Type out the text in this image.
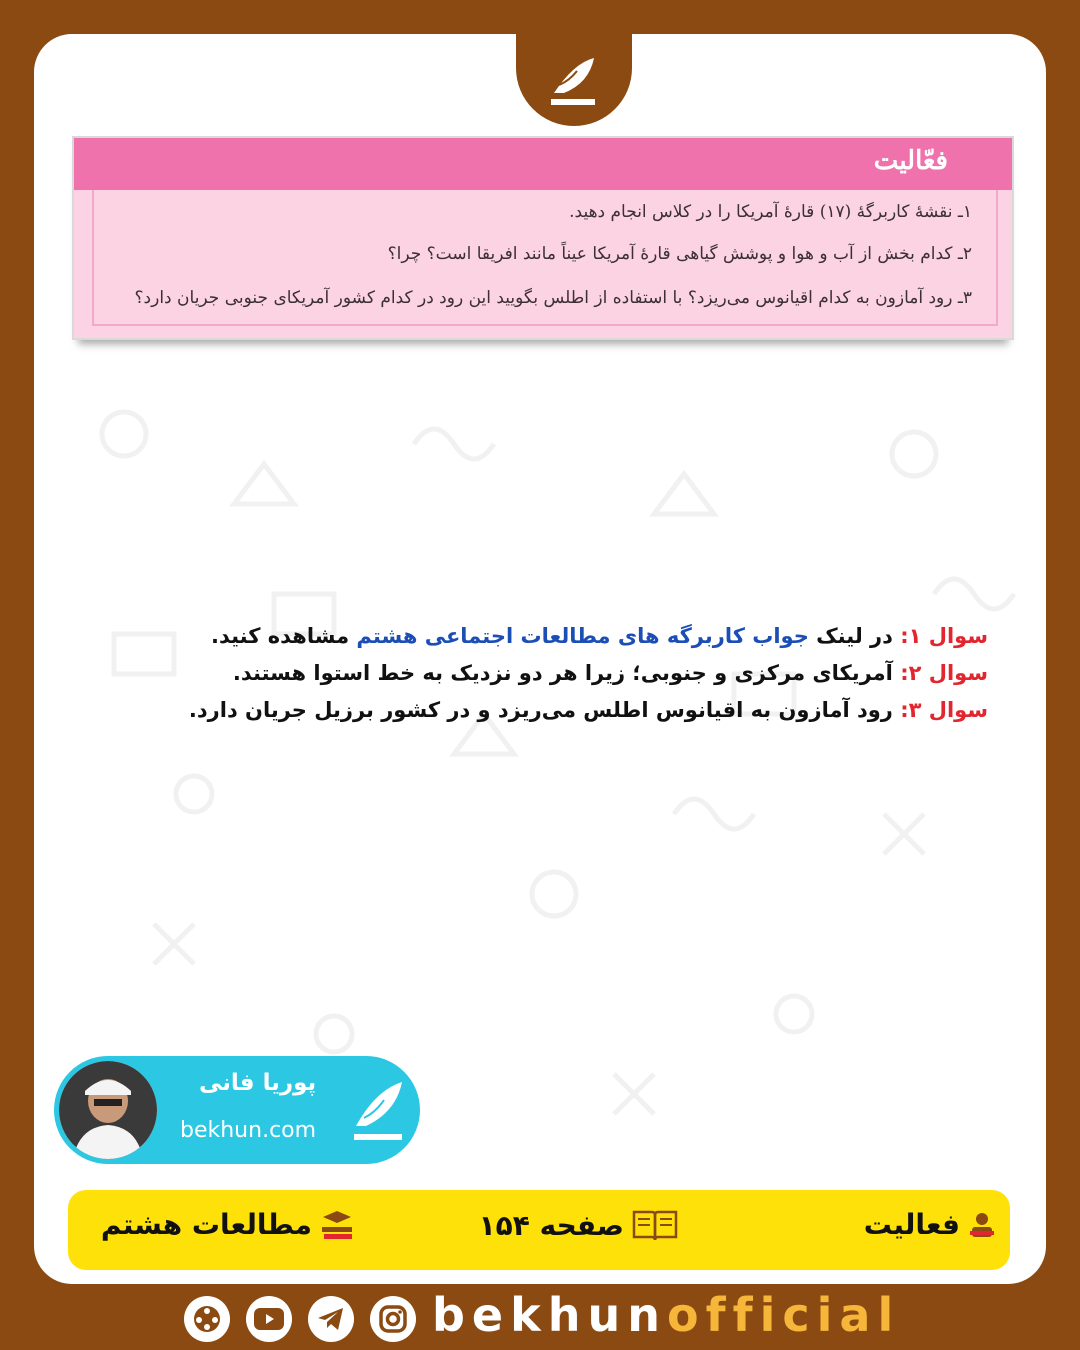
فعّالیت
۱ـ نقشهٔ کاربرگهٔ (۱۷) قارهٔ آمریکا را در کلاس انجام دهید.
۲ـ کدام بخش از آب و هوا و پوشش گیاهی قارهٔ آمریکا عیناً مانند افریقا است؟ چرا؟
۳ـ رود آمازون به کدام اقیانوس می‌ریزد؟ با استفاده از اطلس بگویید این رود در کدام کشور آمریکای جنوبی جریان دارد؟
سوال ۱: در لینک جواب کاربرگه های مطالعات اجتماعی هشتم مشاهده کنید.
سوال ۲: آمریکای مرکزی و جنوبی؛ زیرا هر دو نزدیک به خط استوا هستند.
سوال ۳: رود آمازون به اقیانوس اطلس می‌ریزد و در کشور برزیل جریان دارد.
پوریا فانی
bekhun.com
فعالیت
صفحه ۱۵۴
مطالعات هشتم
bekhunofficial
